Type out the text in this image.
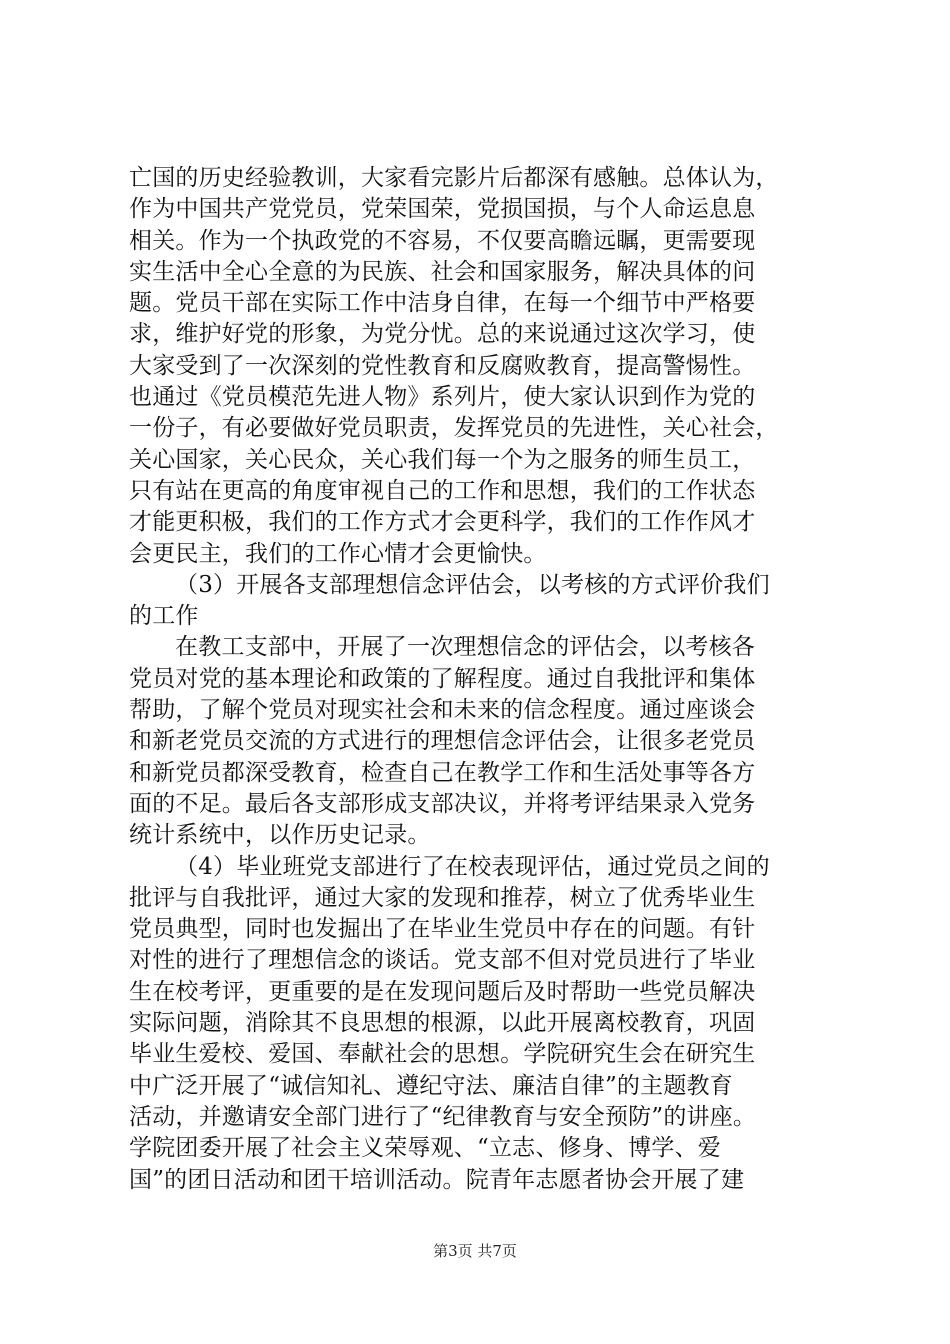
亡国的历史经验教训，大家看完影片后都深有感触。总体认为，
作为中国共产党党员，党荣国荣，党损国损，与个人命运息息
相关。作为一个执政党的不容易，不仅要高瞻远瞩，更需要现
实生活中全心全意的为民族、社会和国家服务，解决具体的问
题。党员干部在实际工作中洁身自律，在每一个细节中严格要
求，维护好党的形象，为党分忧。总的来说通过这次学习，使
大家受到了一次深刻的党性教育和反腐败教育，提高警惕性。
也通过《党员模范先进人物》系列片，使大家认识到作为党的
一份子，有必要做好党员职责，发挥党员的先进性，关心社会，
关心国家，关心民众，关心我们每一个为之服务的师生员工，
只有站在更高的角度审视自己的工作和思想，我们的工作状态
才能更积极，我们的工作方式才会更科学，我们的工作作风才
会更民主，我们的工作心情才会更愉快。
（3）开展各支部理想信念评估会，以考核的方式评价我们
的工作
在教工支部中，开展了一次理想信念的评估会，以考核各
党员对党的基本理论和政策的了解程度。通过自我批评和集体
帮助，了解个党员对现实社会和未来的信念程度。通过座谈会
和新老党员交流的方式进行的理想信念评估会，让很多老党员
和新党员都深受教育，检查自己在教学工作和生活处事等各方
面的不足。最后各支部形成支部决议，并将考评结果录入党务
统计系统中，以作历史记录。
（4）毕业班党支部进行了在校表现评估，通过党员之间的
批评与自我批评，通过大家的发现和推荐，树立了优秀毕业生
党员典型，同时也发掘出了在毕业生党员中存在的问题。有针
对性的进行了理想信念的谈话。党支部不但对党员进行了毕业
生在校考评，更重要的是在发现问题后及时帮助一些党员解决
实际问题，消除其不良思想的根源，以此开展离校教育，巩固
毕业生爱校、爱国、奉献社会的思想。学院研究生会在研究生
中广泛开展了“诚信知礼、遵纪守法、廉洁自律”的主题教育
活动，并邀请安全部门进行了“纪律教育与安全预防”的讲座。
学院团委开展了社会主义荣辱观、“立志、修身、博学、爱
国”的团日活动和团干培训活动。院青年志愿者协会开展了建
第3页 共7页
